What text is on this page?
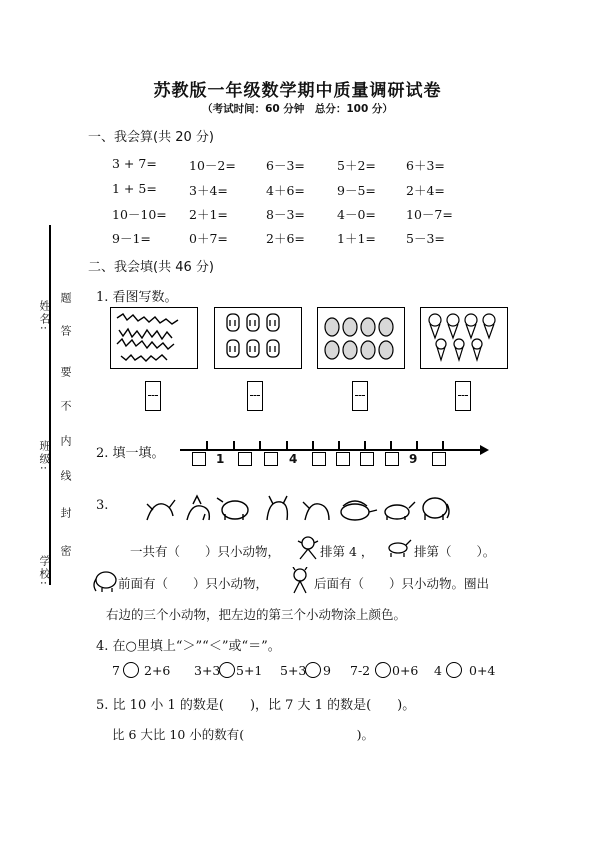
苏教版一年级数学期中质量调研试卷
（考试时间：60 分钟　总分：100 分）
姓名:
班级:
学校:
题
答
要
不
内
线
封
密
一、我会算(共 20 分)
3 + 7=	10－2= 6－3=	5＋2= 6＋3=
1 + 5=	3＋4=	4＋6=	9－5= 2＋4=
10－10= 2＋1=	8－3=	4－0= 10－7=
9－1=	0＋7=	2＋6=	1＋1= 5－3=
二、我会填(共 46 分)
1. 看图写数。
2. 填一填。	1	4	9
3.
一共有（　　）只小动物，	排第 4 ，	排第（　　）。
前面有（　　）只小动物，	后面有（　　）只小动物。圈出
右边的三个小动物，把左边的第三个小动物涂上颜色。
4. 在○里填上“＞”“＜”或“＝”。
7 2+6 3+3 5+1 5+3 9 7-2 0+6 4 0+4
5. 比 10 小 1 的数是(　　)，比 7 大 1 的数是(　　)。
比 6 大比 10 小的数有(　　　　　　　　　)。
